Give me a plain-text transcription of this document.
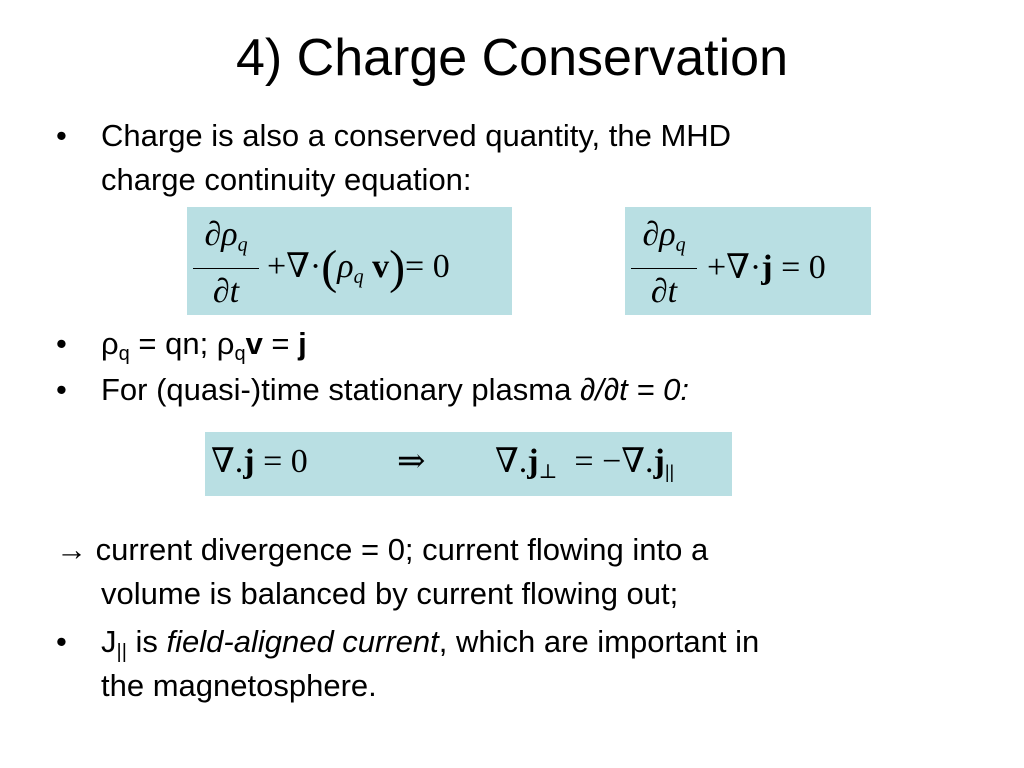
4) Charge Conservation
• Charge is also a conserved quantity, the MHD
charge continuity equation:
∂ρq
∂t
+∇·(ρq v)= 0
∂ρq
∂t
+∇·j = 0
• $\rho_q$ = qn; $\rho_qv = j$
• For (quasi-)time stationary plasma ∂/∂t = 0:
∇.j = 0	⇒ ∇.j⊥ = −∇.j||
→ current divergence = 0; current flowing into a
volume is balanced by current flowing out;
• $J_{||}$ is field-aligned current, which are important in
the magnetosphere.
